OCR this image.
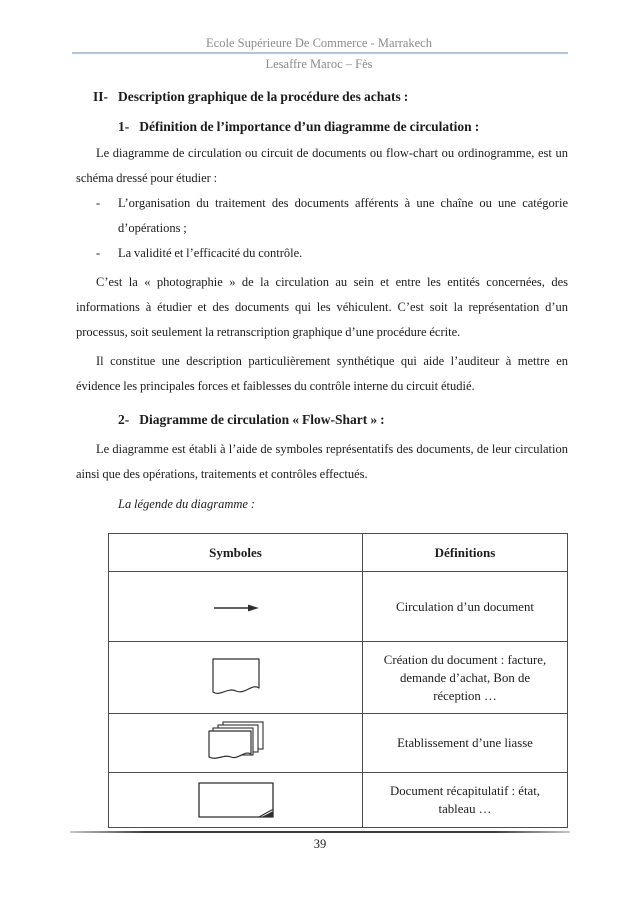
Ecole Supérieure De Commerce - Marrakech
Lesaffre Maroc – Fès
II- Description graphique de la procédure des achats :
1- Définition de l’importance d’un diagramme de circulation :

Le diagramme de circulation ou circuit de documents ou flow-chart ou ordinogramme, est un schéma dressé pour étudier :

- L’organisation du traitement des documents afférents à une chaîne ou une catégorie d’opérations ;
- La validité et l’efficacité du contrôle.

C’est la « photographie » de la circulation au sein et entre les entités concernées, des informations à étudier et des documents qui les véhiculent. C’est soit la représentation d’un processus, soit seulement la retranscription graphique d’une procédure écrite.

Il constitue une description particulièrement synthétique qui aide l’auditeur à mettre en évidence les principales forces et faiblesses du contrôle interne du circuit étudié.

2- Diagramme de circulation « Flow-Shart » :

Le diagramme est établi à l’aide de symboles représentatifs des documents, de leur circulation ainsi que des opérations, traitements et contrôles effectués.

La légende du diagramme :
Symboles	Définitions

	Circulation d’un document

	Création du document : facture, demande d’achat, Bon de réception …

	Etablissement d’une liasse

	Document récapitulatif : état, tableau …
39
